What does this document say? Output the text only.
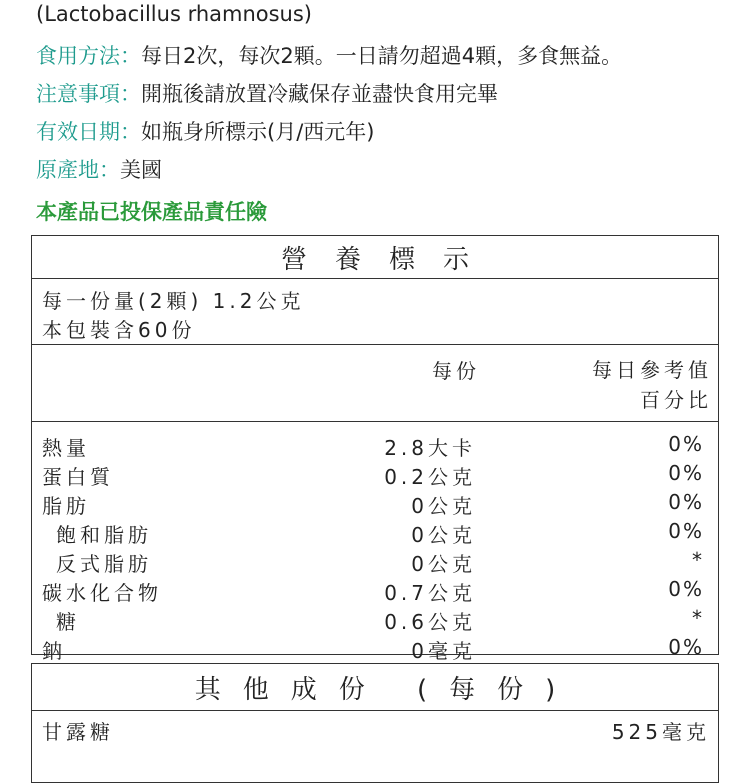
(Lactobacillus rhamnosus)
食用方法：每日2次，每次2顆。一日請勿超過4顆，多食無益。
注意事項：開瓶後請放置冷藏保存並盡快食用完畢
有效日期：如瓶身所標示(月/西元年)
原產地：美國
本產品已投保產品責任險
營養標示
每一份量(2顆) 1.2公克
本包裝含60份
每份	每日參考值
百分比
熱量	2.8大卡	0%
蛋白質	0.2公克	0%
脂肪	0公克	0%
飽和脂肪	0公克	0%
反式脂肪	0公克	*
碳水化合物	0.7公克	0%
糖	0.6公克	*
鈉	0毫克	0%
其他成份 (每份)
甘露糖	525毫克
